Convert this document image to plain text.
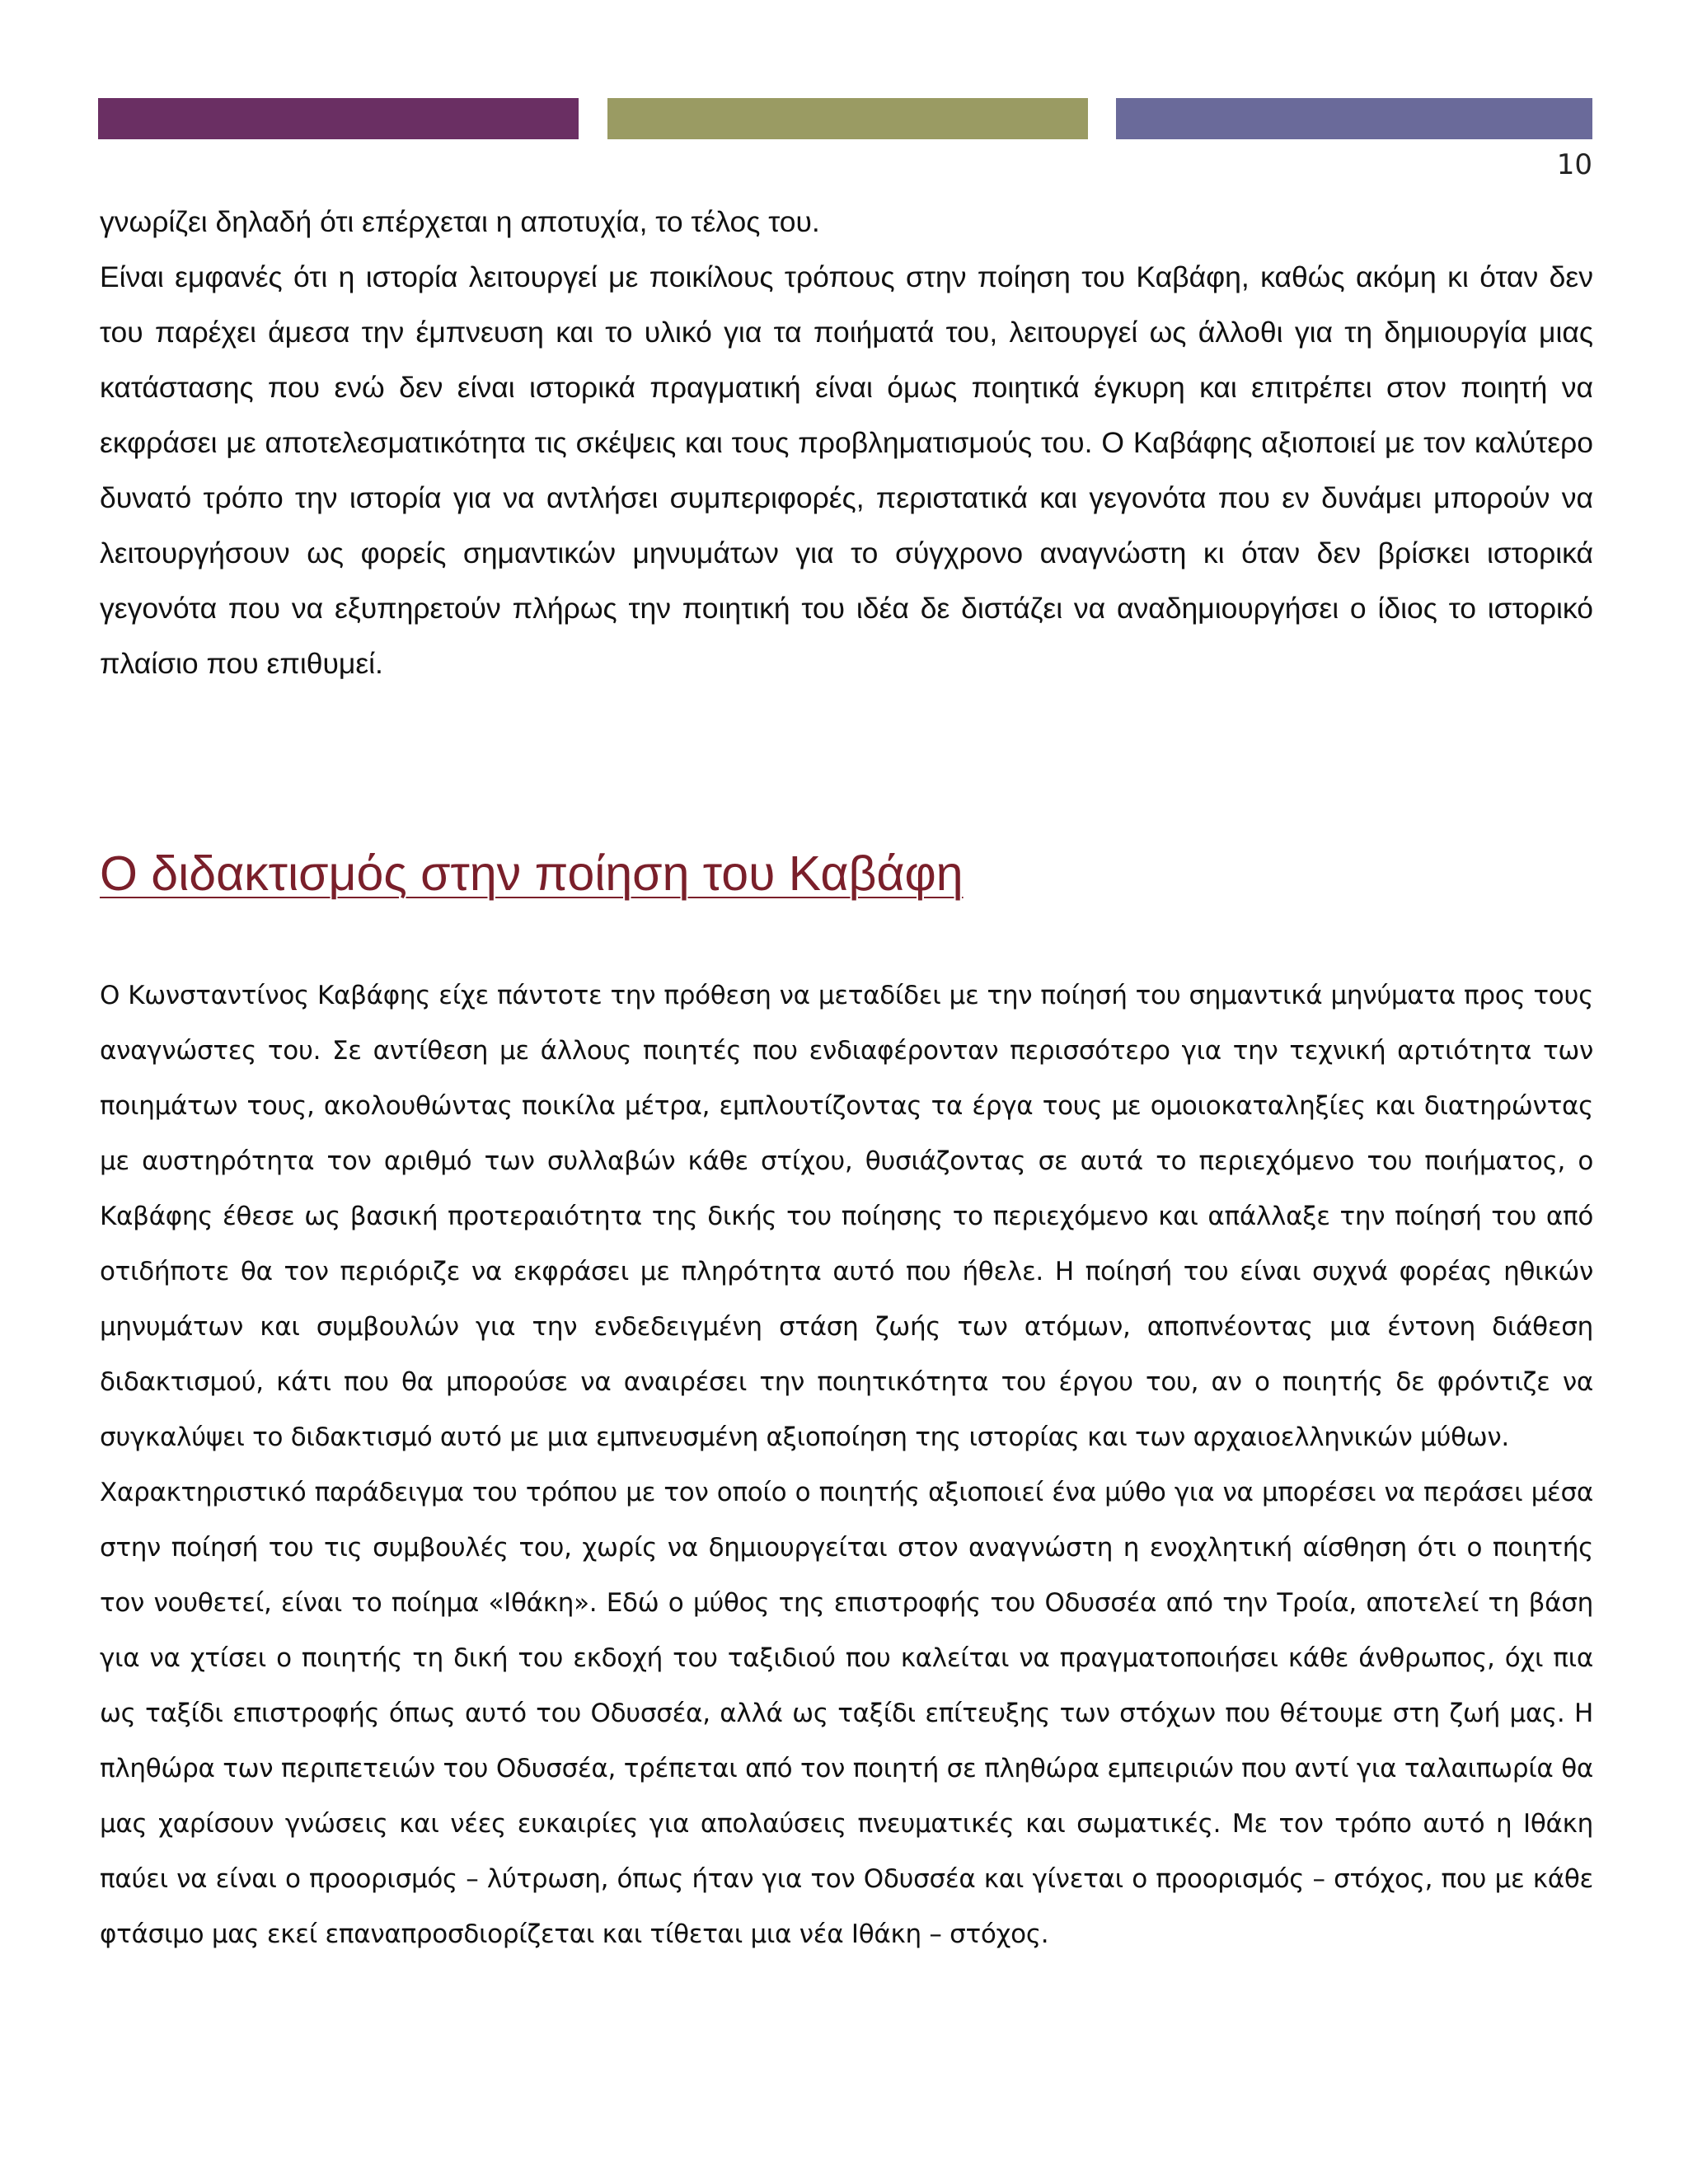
10

γνωρίζει δηλαδή ότι επέρχεται η αποτυχία, το τέλος του.

Είναι εμφανές ότι η ιστορία λειτουργεί με ποικίλους τρόπους στην ποίηση του Καβάφη, καθώς ακόμη κι όταν δεν του παρέχει άμεσα την έμπνευση και το υλικό για τα ποιήματά του, λειτουργεί ως άλλοθι για τη δημιουργία μιας κατάστασης που ενώ δεν είναι ιστορικά πραγματική είναι όμως ποιητικά έγκυρη και επιτρέπει στον ποιητή να εκφράσει με αποτελεσματικότητα τις σκέψεις και τους προβληματισμούς του. Ο Καβάφης αξιοποιεί με τον καλύτερο δυνατό τρόπο την ιστορία για να αντλήσει συμπεριφορές, περιστατικά και γεγονότα που εν δυνάμει μπορούν να λειτουργήσουν ως φορείς σημαντικών μηνυμάτων για το σύγχρονο αναγνώστη κι όταν δεν βρίσκει ιστορικά γεγονότα που να εξυπηρετούν πλήρως την ποιητική του ιδέα δε διστάζει να αναδημιουργήσει ο ίδιος το ιστορικό πλαίσιο που επιθυμεί.

Ο διδακτισμός στην ποίηση του Καβάφη

Ο Κωνσταντίνος Καβάφης είχε πάντοτε την πρόθεση να μεταδίδει με την ποίησή του σημαντικά μηνύματα προς τους αναγνώστες του. Σε αντίθεση με άλλους ποιητές που ενδιαφέρονταν περισσότερο για την τεχνική αρτιότητα των ποιημάτων τους, ακολουθώντας ποικίλα μέτρα, εμπλουτίζοντας τα έργα τους με ομοιοκαταληξίες και διατηρώντας με αυστηρότητα τον αριθμό των συλλαβών κάθε στίχου, θυσιάζοντας σε αυτά το περιεχόμενο του ποιήματος, ο Καβάφης έθεσε ως βασική προτεραιότητα της δικής του ποίησης το περιεχόμενο και απάλλαξε την ποίησή του από οτιδήποτε θα τον περιόριζε να εκφράσει με πληρότητα αυτό που ήθελε. Η ποίησή του είναι συχνά φορέας ηθικών μηνυμάτων και συμβουλών για την ενδεδειγμένη στάση ζωής των ατόμων, αποπνέοντας μια έντονη διάθεση διδακτισμού, κάτι που θα μπορούσε να αναιρέσει την ποιητικότητα του έργου του, αν ο ποιητής δε φρόντιζε να συγκαλύψει το διδακτισμό αυτό με μια εμπνευσμένη αξιοποίηση της ιστορίας και των αρχαιοελληνικών μύθων.

Χαρακτηριστικό παράδειγμα του τρόπου με τον οποίο ο ποιητής αξιοποιεί ένα μύθο για να μπορέσει να περάσει μέσα στην ποίησή του τις συμβουλές του, χωρίς να δημιουργείται στον αναγνώστη η ενοχλητική αίσθηση ότι ο ποιητής τον νουθετεί, είναι το ποίημα «Ιθάκη». Εδώ ο μύθος της επιστροφής του Οδυσσέα από την Τροία, αποτελεί τη βάση για να χτίσει ο ποιητής τη δική του εκδοχή του ταξιδιού που καλείται να πραγματοποιήσει κάθε άνθρωπος, όχι πια ως ταξίδι επιστροφής όπως αυτό του Οδυσσέα, αλλά ως ταξίδι επίτευξης των στόχων που θέτουμε στη ζωή μας. Η πληθώρα των περιπετειών του Οδυσσέα, τρέπεται από τον ποιητή σε πληθώρα εμπειριών που αντί για ταλαιπωρία θα μας χαρίσουν γνώσεις και νέες ευκαιρίες για απολαύσεις πνευματικές και σωματικές. Με τον τρόπο αυτό η Ιθάκη παύει να είναι ο προορισμός – λύτρωση, όπως ήταν για τον Οδυσσέα και γίνεται ο προορισμός – στόχος, που με κάθε φτάσιμο μας εκεί επαναπροσδιορίζεται και τίθεται μια νέα Ιθάκη – στόχος.
